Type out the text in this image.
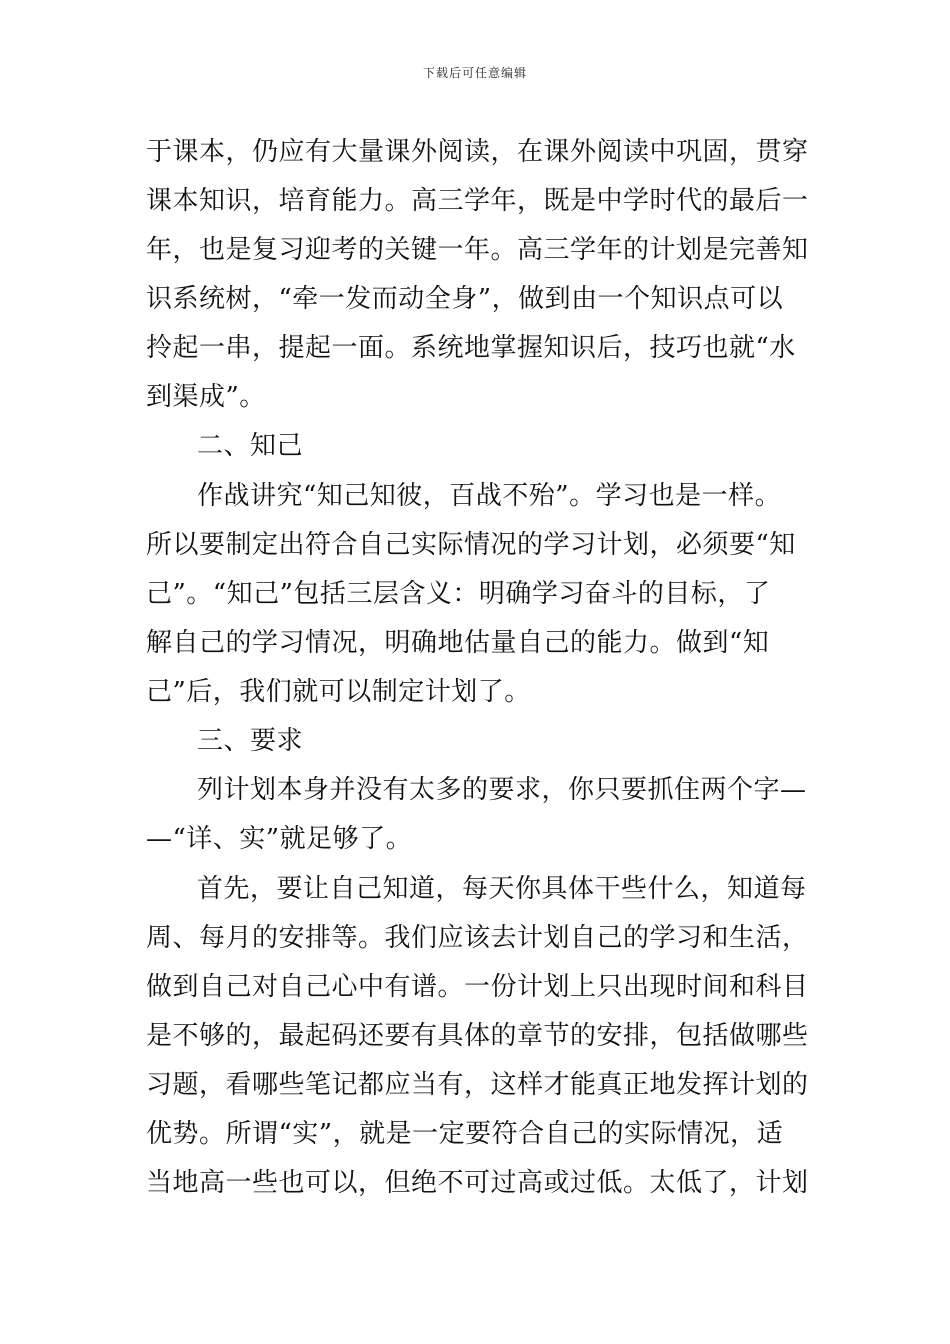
下载后可任意编辑
于课本，仍应有大量课外阅读，在课外阅读中巩固，贯穿
课本知识，培育能力。高三学年，既是中学时代的最后一
年，也是复习迎考的关键一年。高三学年的计划是完善知
识系统树，“牵一发而动全身”，做到由一个知识点可以
拎起一串，提起一面。系统地掌握知识后，技巧也就“水
到渠成”。
二、知己
作战讲究“知己知彼，百战不殆”。学习也是一样。
所以要制定出符合自己实际情况的学习计划，必须要“知
己”。“知己”包括三层含义：明确学习奋斗的目标，了
解自己的学习情况，明确地估量自己的能力。做到“知
己”后，我们就可以制定计划了。
三、要求
列计划本身并没有太多的要求，你只要抓住两个字—
—“详、实”就足够了。
首先，要让自己知道，每天你具体干些什么，知道每
周、每月的安排等。我们应该去计划自己的学习和生活，
做到自己对自己心中有谱。一份计划上只出现时间和科目
是不够的，最起码还要有具体的章节的安排，包括做哪些
习题，看哪些笔记都应当有，这样才能真正地发挥计划的
优势。所谓“实”，就是一定要符合自己的实际情况，适
当地高一些也可以，但绝不可过高或过低。太低了，计划
